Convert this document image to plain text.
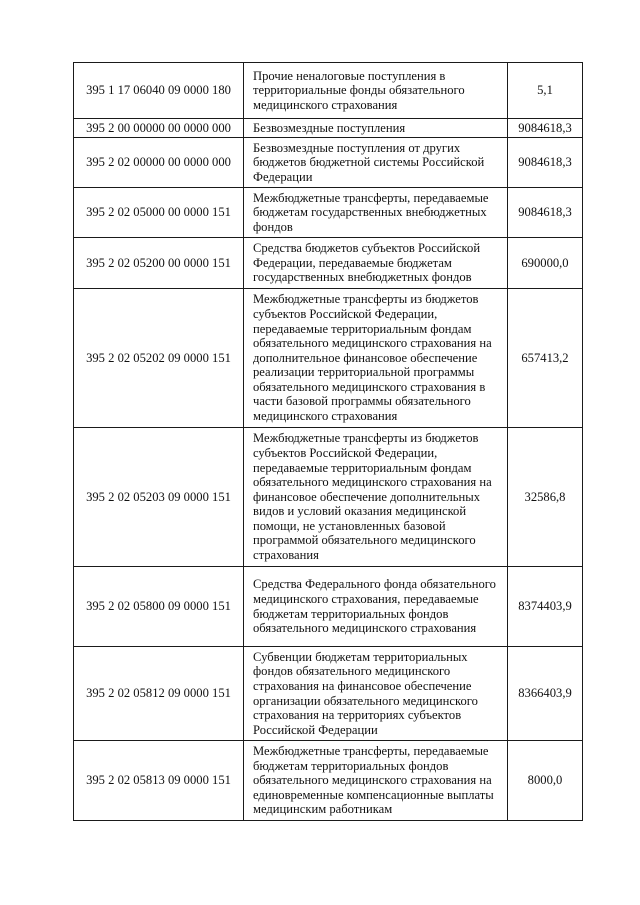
395 1 17 06040 09 0000 180	Прочие неналоговые поступления в территориальные фонды обязательного медицинского страхования	5,1
395 2 00 00000 00 0000 000	Безвозмездные поступления	9084618,3
395 2 02 00000 00 0000 000	Безвозмездные поступления от других бюджетов бюджетной системы Российской Федерации	9084618,3
395 2 02 05000 00 0000 151	Межбюджетные трансферты, передаваемые бюджетам государственных внебюджетных фондов	9084618,3
395 2 02 05200 00 0000 151	Средства бюджетов субъектов Российской Федерации, передаваемые бюджетам государственных внебюджетных фондов	690000,0
395 2 02 05202 09 0000 151	Межбюджетные трансферты из бюджетов субъектов Российской Федерации, передаваемые территориальным фондам обязательного медицинского страхования на дополнительное финансовое обеспечение реализации территориальной программы обязательного медицинского страхования в части базовой программы обязательного медицинского страхования	657413,2
395 2 02 05203 09 0000 151	Межбюджетные трансферты из бюджетов субъектов Российской Федерации, передаваемые территориальным фондам обязательного медицинского страхования на финансовое обеспечение дополнительных видов и условий оказания медицинской помощи, не установленных базовой программой обязательного медицинского страхования	32586,8
395 2 02 05800 09 0000 151	Средства Федерального фонда обязательного медицинского страхования, передаваемые бюджетам территориальных фондов обязательного медицинского страхования	8374403,9
395 2 02 05812 09 0000 151	Субвенции бюджетам территориальных фондов обязательного медицинского страхования на финансовое обеспечение организации обязательного медицинского страхования на территориях субъектов Российской Федерации	8366403,9
395 2 02 05813 09 0000 151	Межбюджетные трансферты, передаваемые бюджетам территориальных фондов обязательного медицинского страхования на единовременные компенсационные выплаты медицинским работникам	8000,0
